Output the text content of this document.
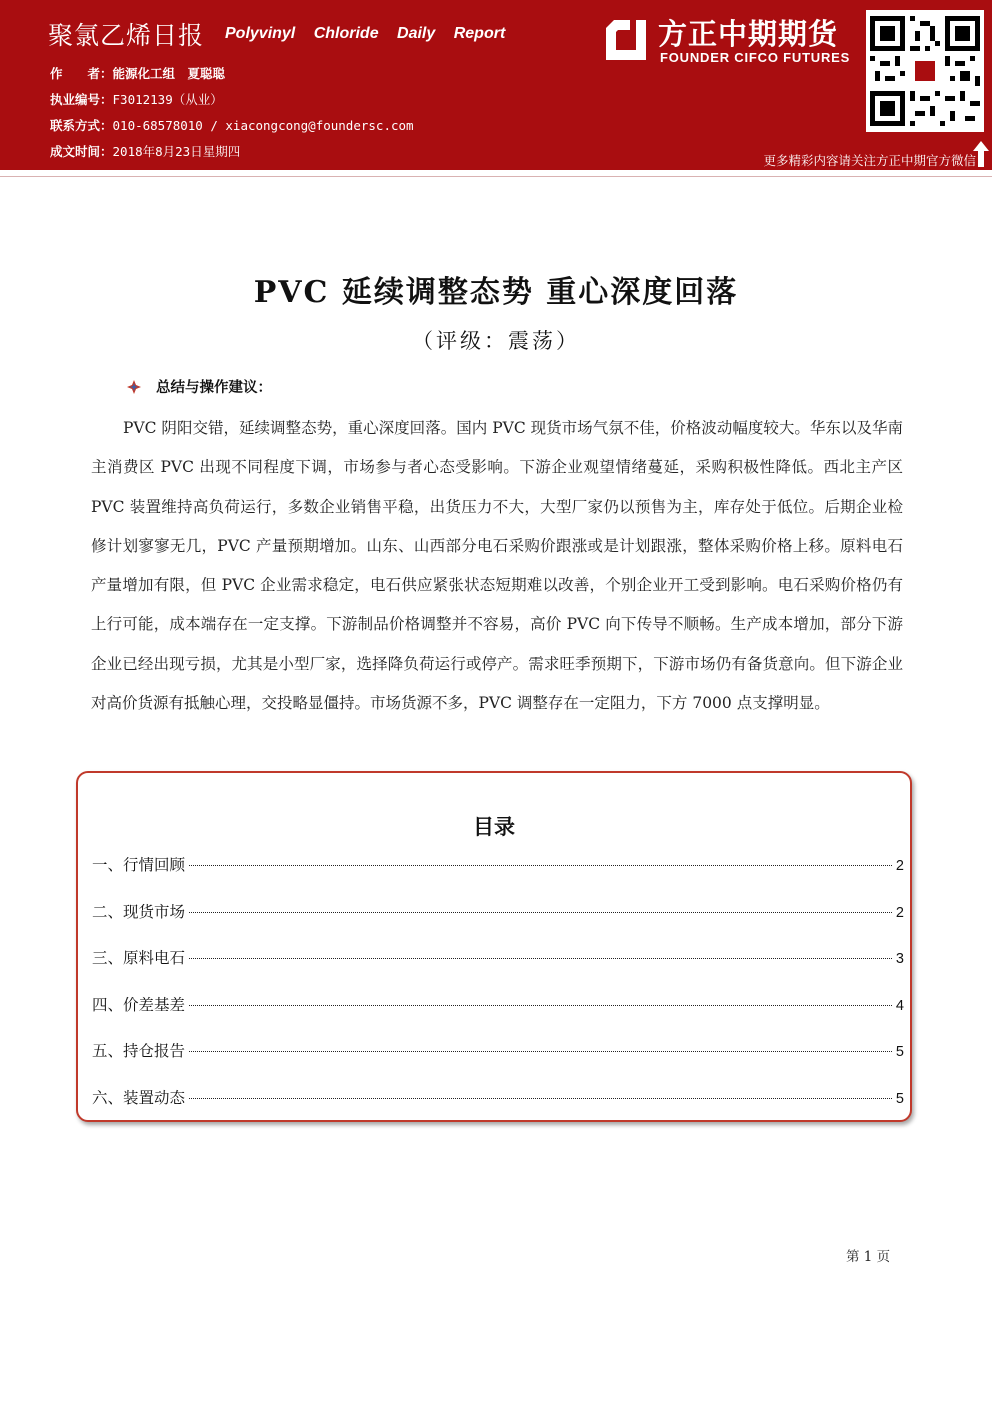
聚氯乙烯日报 Polyvinyl Chloride Daily Report
作　　者：能源化工组　夏聪聪
执业编号：F3012139（从业）
联系方式：010-68578010 / xiacongcong@foundersc.com
成文时间：2018年8月23日星期四
方正中期期货
FOUNDER CIFCO FUTURES
更多精彩内容请关注方正中期官方微信
PVC 延续调整态势 重心深度回落
（评级：震荡）
总结与操作建议：
PVC 阴阳交错，延续调整态势，重心深度回落。国内 PVC 现货市场气氛不佳，价格波动幅度较大。华东以及华南主消费区 PVC 出现不同程度下调，市场参与者心态受影响。下游企业观望情绪蔓延，采购积极性降低。西北主产区 PVC 装置维持高负荷运行，多数企业销售平稳，出货压力不大，大型厂家仍以预售为主，库存处于低位。后期企业检修计划寥寥无几，PVC 产量预期增加。山东、山西部分电石采购价跟涨或是计划跟涨，整体采购价格上移。原料电石产量增加有限，但 PVC 企业需求稳定，电石供应紧张状态短期难以改善，个别企业开工受到影响。电石采购价格仍有上行可能，成本端存在一定支撑。下游制品价格调整并不容易，高价 PVC 向下传导不顺畅。生产成本增加，部分下游企业已经出现亏损，尤其是小型厂家，选择降负荷运行或停产。需求旺季预期下，下游市场仍有备货意向。但下游企业对高价货源有抵触心理，交投略显僵持。市场货源不多，PVC 调整存在一定阻力，下方 7000 点支撑明显。
目录
一、行情回顾	2
二、现货市场	2
三、原料电石	3
四、价差基差	4
五、持仓报告	5
六、装置动态	5
第 1 页
